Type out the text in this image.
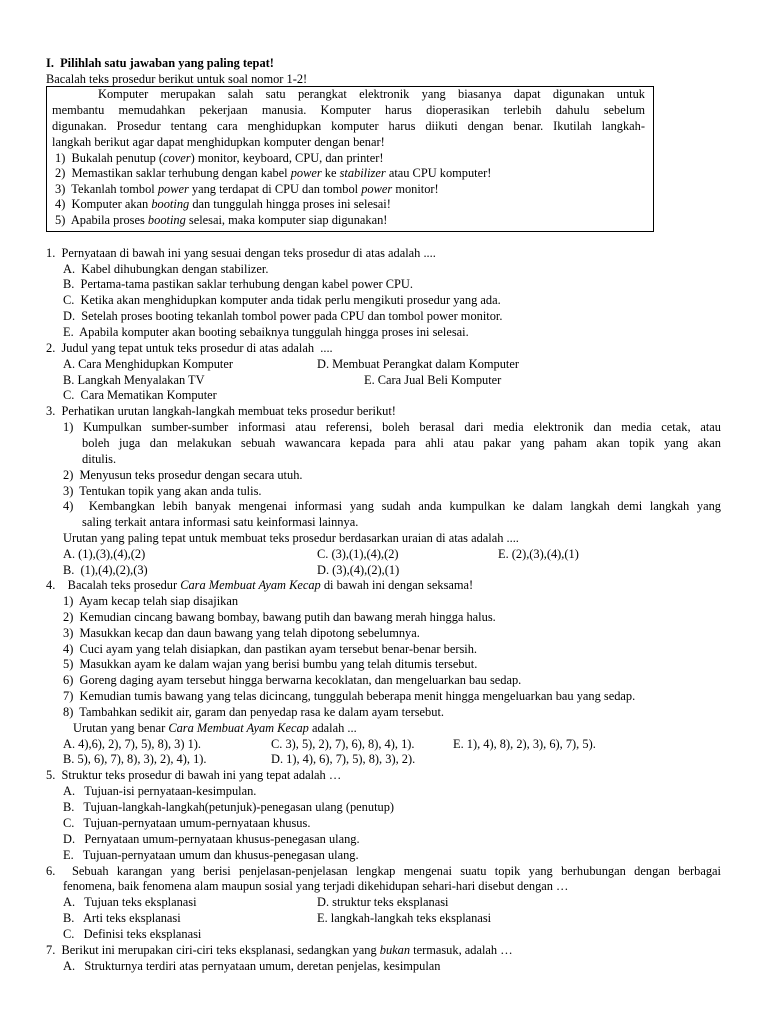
I.  Pilihlah satu jawaban yang paling tepat!
Bacalah teks prosedur berikut untuk soal nomor 1-2!
Komputer merupakan salah satu perangkat elektronik yang biasanya dapat digunakan untuk
membantu memudahkan pekerjaan manusia. Komputer harus dioperasikan terlebih dahulu sebelum
digunakan. Prosedur tentang cara menghidupkan komputer harus diikuti dengan benar. Ikutilah langkah-
langkah berikut agar dapat menghidupkan komputer dengan benar!
1)  Bukalah penutup (cover) monitor, keyboard, CPU, dan printer!
2)  Memastikan saklar terhubung dengan kabel power ke stabilizer atau CPU komputer!
3)  Tekanlah tombol power yang terdapat di CPU dan tombol power monitor!
4)  Komputer akan booting dan tunggulah hingga proses ini selesai!
5)  Apabila proses booting selesai, maka komputer siap digunakan!
1.  Pernyataan di bawah ini yang sesuai dengan teks prosedur di atas adalah ....
A.  Kabel dihubungkan dengan stabilizer.
B.  Pertama-tama pastikan saklar terhubung dengan kabel power CPU.
C.  Ketika akan menghidupkan komputer anda tidak perlu mengikuti prosedur yang ada.
D.  Setelah proses booting tekanlah tombol power pada CPU dan tombol power monitor.
E.  Apabila komputer akan booting sebaiknya tunggulah hingga proses ini selesai.
2.  Judul yang tepat untuk teks prosedur di atas adalah  ....
A. Cara Menghidupkan Komputer	D. Membuat Perangkat dalam Komputer
B. Langkah Menyalakan TV	E. Cara Jual Beli Komputer
C.  Cara Mematikan Komputer
3.  Perhatikan urutan langkah-langkah membuat teks prosedur berikut!
1) Kumpulkan sumber-sumber informasi atau referensi, boleh berasal dari media elektronik dan media cetak, atau
boleh juga dan melakukan sebuah wawancara kepada para ahli atau pakar yang paham akan topik yang akan
ditulis.
2)  Menyusun teks prosedur dengan secara utuh.
3)  Tentukan topik yang akan anda tulis.
4)  Kembangkan lebih banyak mengenai informasi yang sudah anda kumpulkan ke dalam langkah demi langkah yang
saling terkait antara informasi satu keinformasi lainnya.
Urutan yang paling tepat untuk membuat teks prosedur berdasarkan uraian di atas adalah ....
A. (1),(3),(4),(2)	C. (3),(1),(4),(2)	E. (2),(3),(4),(1)
B.  (1),(4),(2),(3)	D. (3),(4),(2),(1)
4.    Bacalah teks prosedur Cara Membuat Ayam Kecap di bawah ini dengan seksama!
1)  Ayam kecap telah siap disajikan
2)  Kemudian cincang bawang bombay, bawang putih dan bawang merah hingga halus.
3)  Masukkan kecap dan daun bawang yang telah dipotong sebelumnya.
4)  Cuci ayam yang telah disiapkan, dan pastikan ayam tersebut benar-benar bersih.
5)  Masukkan ayam ke dalam wajan yang berisi bumbu yang telah ditumis tersebut.
6)  Goreng daging ayam tersebut hingga berwarna kecoklatan, dan mengeluarkan bau sedap.
7)  Kemudian tumis bawang yang telas dicincang, tunggulah beberapa menit hingga mengeluarkan bau yang sedap.
8)  Tambahkan sedikit air, garam dan penyedap rasa ke dalam ayam tersebut.
Urutan yang benar Cara Membuat Ayam Kecap adalah ...
A. 4),6), 2), 7), 5), 8), 3) 1).	C. 3), 5), 2), 7), 6), 8), 4), 1).	E. 1), 4), 8), 2), 3), 6), 7), 5).
B. 5), 6), 7), 8), 3), 2), 4), 1).	D. 1), 4), 6), 7), 5), 8), 3), 2).
5.  Struktur teks prosedur di bawah ini yang tepat adalah …
A.   Tujuan-isi pernyataan-kesimpulan.
B.   Tujuan-langkah-langkah(petunjuk)-penegasan ulang (penutup)
C.   Tujuan-pernyataan umum-pernyataan khusus.
D.   Pernyataan umum-pernyataan khusus-penegasan ulang.
E.   Tujuan-pernyataan umum dan khusus-penegasan ulang.
6.  Sebuah karangan yang berisi penjelasan-penjelasan lengkap mengenai suatu topik yang berhubungan dengan berbagai
fenomena, baik fenomena alam maupun sosial yang terjadi dikehidupan sehari-hari disebut dengan …
A.   Tujuan teks eksplanasi	D. struktur teks eksplanasi
B.   Arti teks eksplanasi	E. langkah-langkah teks eksplanasi
C.   Definisi teks eksplanasi
7.  Berikut ini merupakan ciri-ciri teks eksplanasi, sedangkan yang bukan termasuk, adalah …
A.   Strukturnya terdiri atas pernyataan umum, deretan penjelas, kesimpulan
